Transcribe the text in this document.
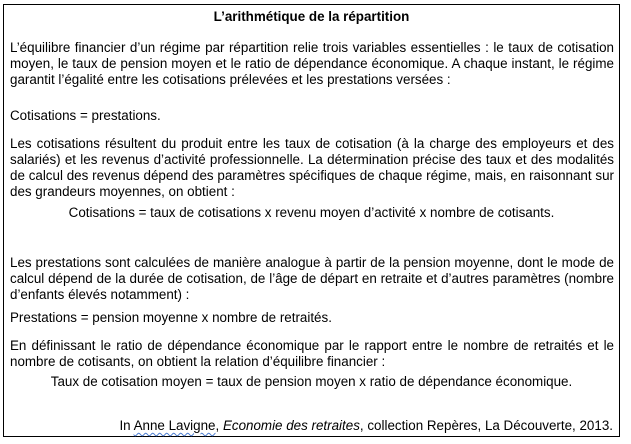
L’arithmétique de la répartition

L’équilibre financier d’un régime par répartition relie trois variables essentielles : le taux de cotisation moyen, le taux de pension moyen et le ratio de dépendance économique. A chaque instant, le régime garantit l’égalité entre les cotisations prélevées et les prestations versées :

Cotisations = prestations.

Les cotisations résultent du produit entre les taux de cotisation (à la charge des employeurs et des salariés) et les revenus d’activité professionnelle. La détermination précise des taux et des modalités de calcul des revenus dépend des paramètres spécifiques de chaque régime, mais, en raisonnant sur des grandeurs moyennes, on obtient :

Cotisations = taux de cotisations x revenu moyen d’activité x nombre de cotisants.

Les prestations sont calculées de manière analogue à partir de la pension moyenne, dont le mode de calcul dépend de la durée de cotisation, de l’âge de départ en retraite et d’autres paramètres (nombre d’enfants élevés notamment) :

Prestations = pension moyenne x nombre de retraités.

En définissant le ratio de dépendance économique par le rapport entre le nombre de retraités et le nombre de cotisants, on obtient la relation d’équilibre financier :

Taux de cotisation moyen = taux de pension moyen x ratio de dépendance économique.
In Anne Lavigne, Economie des retraites, collection Repères, La Découverte, 2013.
